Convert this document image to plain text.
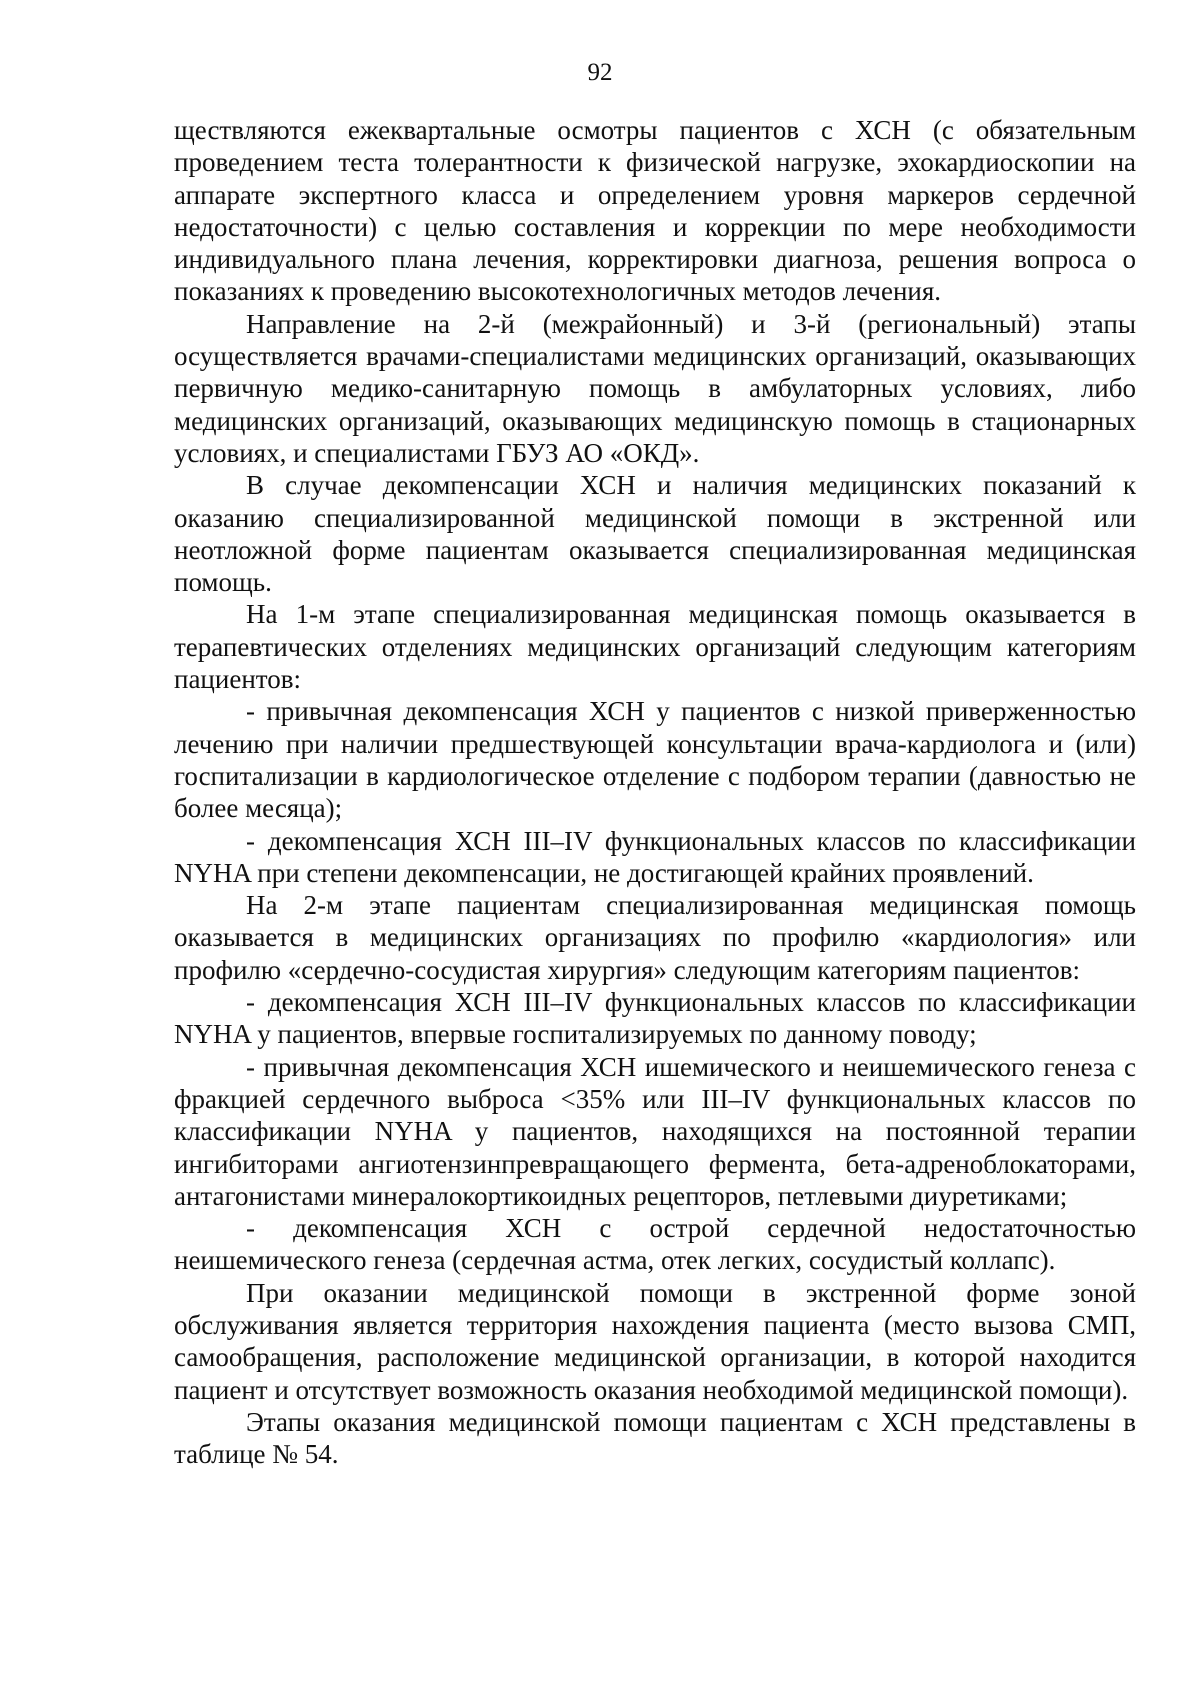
92

ществляются ежеквартальные осмотры пациентов с ХСН (с обязательным проведением теста толерантности к физической нагрузке, эхокардиоскопии на аппарате экспертного класса и определением уровня маркеров сердечной недостаточности) с целью составления и коррекции по мере необходимости индивидуального плана лечения, корректировки диагноза, решения вопроса о показаниях к проведению высокотехнологичных методов лечения.

Направление на 2-й (межрайонный) и 3-й (региональный) этапы осуществляется врачами-специалистами медицинских организаций, оказывающих первичную медико-санитарную помощь в амбулаторных условиях, либо медицинских организаций, оказывающих медицинскую помощь в стационарных условиях, и специалистами ГБУЗ АО «ОКД».

В случае декомпенсации ХСН и наличия медицинских показаний к оказанию специализированной медицинской помощи в экстренной или неотложной форме пациентам оказывается специализированная медицинская помощь.

На 1-м этапе специализированная медицинская помощь оказывается в терапевтических отделениях медицинских организаций следующим категориям пациентов:

- привычная декомпенсация ХСН у пациентов с низкой приверженностью лечению при наличии предшествующей консультации врача-кардиолога и (или) госпитализации в кардиологическое отделение с подбором терапии (давностью не более месяца);

- декомпенсация ХСН III–IV функциональных классов по классификации NYHA при степени декомпенсации, не достигающей крайних проявлений.

На 2-м этапе пациентам специализированная медицинская помощь оказывается в медицинских организациях по профилю «кардиология» или профилю «сердечно-сосудистая хирургия» следующим категориям пациентов:

- декомпенсация ХСН III–IV функциональных классов по классификации NYHA у пациентов, впервые госпитализируемых по данному поводу;

- привычная декомпенсация ХСН ишемического и неишемического генеза с фракцией сердечного выброса <35% или III–IV функциональных классов по классификации NYHA у пациентов, находящихся на постоянной терапии ингибиторами ангиотензинпревращающего фермента, бета-адреноблокаторами, антагонистами минералокортикоидных рецепторов, петлевыми диуретиками;

- декомпенсация ХСН с острой сердечной недостаточностью неишемического генеза (сердечная астма, отек легких, сосудистый коллапс).

При оказании медицинской помощи в экстренной форме зоной обслуживания является территория нахождения пациента (место вызова СМП, самообращения, расположение медицинской организации, в которой находится пациент и отсутствует возможность оказания необходимой медицинской помощи).

Этапы оказания медицинской помощи пациентам с ХСН представлены в таблице № 54.
